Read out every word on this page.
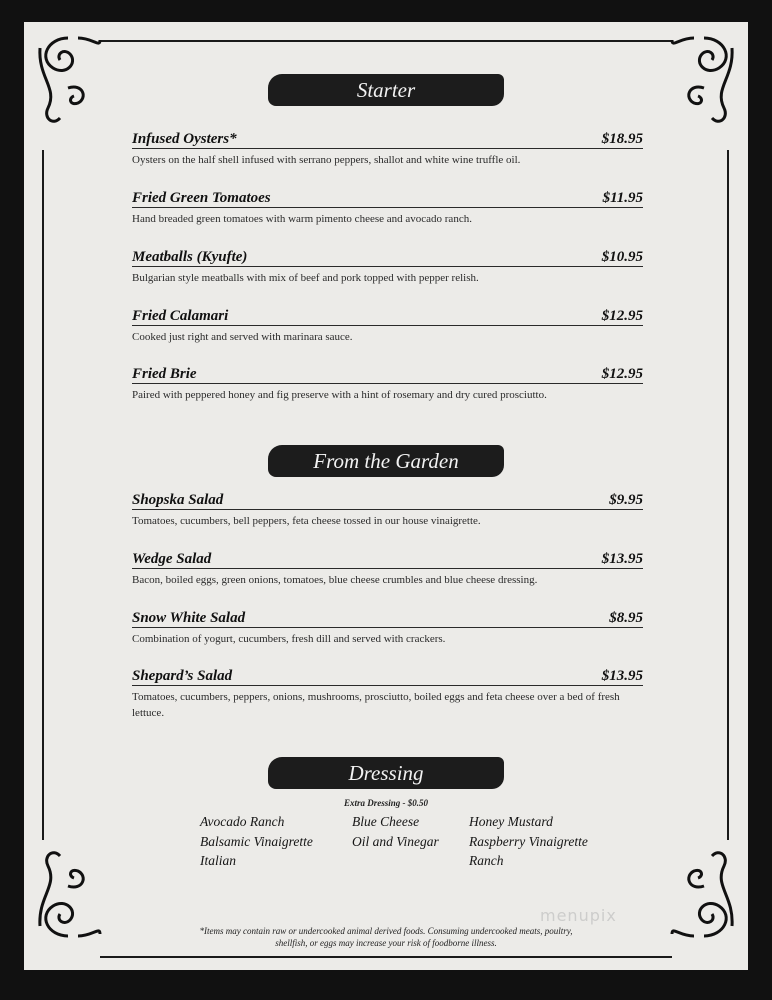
Starter
Infused Oysters*	$18.95
Oysters on the half shell infused with serrano peppers, shallot and white wine truffle oil.
Fried Green Tomatoes	$11.95
Hand breaded green tomatoes with warm pimento cheese and avocado ranch.
Meatballs (Kyufte)	$10.95
Bulgarian style meatballs with mix of beef and pork topped with pepper relish.
Fried Calamari	$12.95
Cooked just right and served with marinara sauce.
Fried Brie	$12.95
Paired with peppered honey and fig preserve with a hint of rosemary and dry cured prosciutto.
From the Garden
Shopska Salad	$9.95
Tomatoes, cucumbers, bell peppers, feta cheese tossed in our house vinaigrette.
Wedge Salad	$13.95
Bacon, boiled eggs, green onions, tomatoes, blue cheese crumbles and blue cheese dressing.
Snow White Salad	$8.95
Combination of yogurt, cucumbers, fresh dill and served with crackers.
Shepard’s Salad	$13.95
Tomatoes, cucumbers, peppers, onions, mushrooms, prosciutto, boiled eggs and feta cheese over a bed of fresh lettuce.
Dressing
Extra Dressing - $0.50
Avocado Ranch
Balsamic Vinaigrette
Italian
Blue Cheese
Oil and Vinegar
Honey Mustard
Raspberry Vinaigrette
Ranch
menupix
*Items may contain raw or undercooked animal derived foods. Consuming undercooked meats, poultry,
shellfish, or eggs may increase your risk of foodborne illness.
